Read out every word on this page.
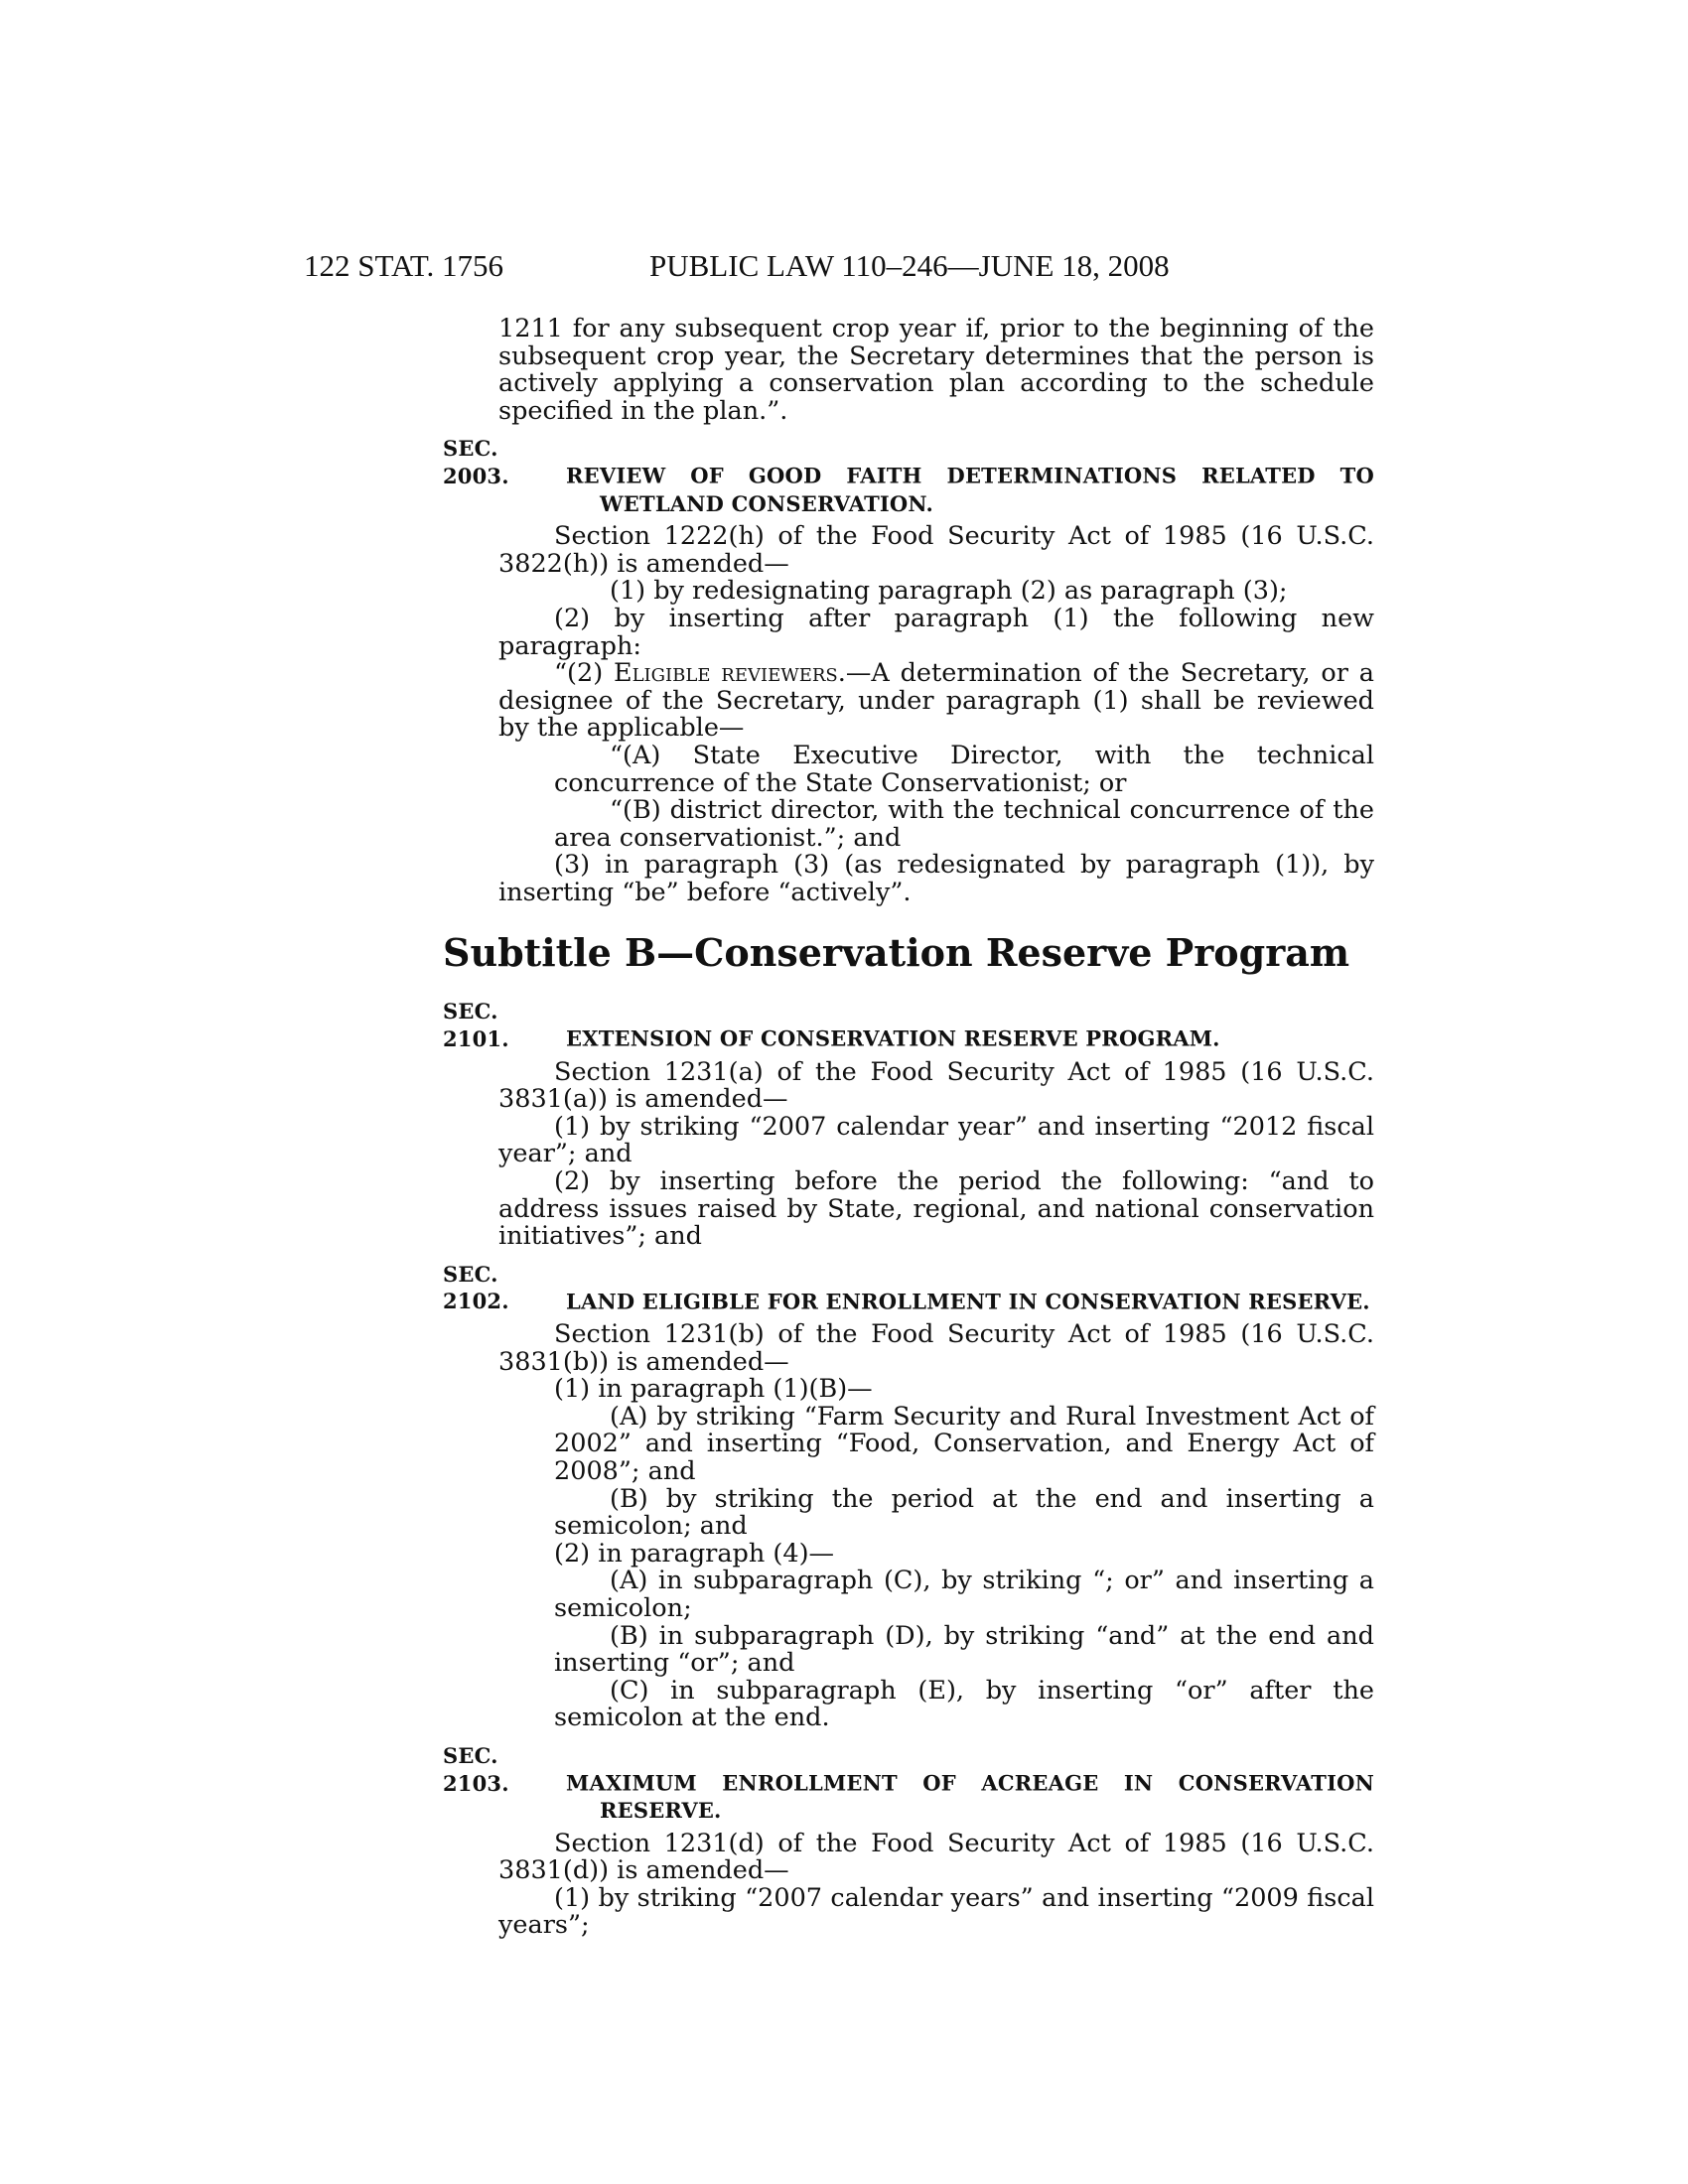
122 STAT. 1756	PUBLIC LAW 110–246—JUNE 18, 2008

1211 for any subsequent crop year if, prior to the beginning of the subsequent crop year, the Secretary determines that the person is actively applying a conservation plan according to the schedule specified in the plan.”.

SEC. 2003.	REVIEW OF GOOD FAITH DETERMINATIONS RELATED TO WETLAND CONSERVATION.

Section 1222(h) of the Food Security Act of 1985 (16 U.S.C. 3822(h)) is amended—

(1) by redesignating paragraph (2) as paragraph (3);

(2) by inserting after paragraph (1) the following new paragraph:

“(2) Eligible reviewers.—A determination of the Secretary, or a designee of the Secretary, under paragraph (1) shall be reviewed by the applicable—

“(A) State Executive Director, with the technical concurrence of the State Conservationist; or

“(B) district director, with the technical concurrence of the area conservationist.”; and

(3) in paragraph (3) (as redesignated by paragraph (1)), by inserting “be” before “actively”.

Subtitle B—Conservation Reserve Program
SEC. 2101.	EXTENSION OF CONSERVATION RESERVE PROGRAM.

Section 1231(a) of the Food Security Act of 1985 (16 U.S.C. 3831(a)) is amended—

(1) by striking “2007 calendar year” and inserting “2012 fiscal year”; and

(2) by inserting before the period the following: “and to address issues raised by State, regional, and national conservation initiatives”; and

SEC. 2102.	LAND ELIGIBLE FOR ENROLLMENT IN CONSERVATION RESERVE.

Section 1231(b) of the Food Security Act of 1985 (16 U.S.C. 3831(b)) is amended—

(1) in paragraph (1)(B)—

(A) by striking “Farm Security and Rural Investment Act of 2002” and inserting “Food, Conservation, and Energy Act of 2008”; and

(B) by striking the period at the end and inserting a semicolon; and

(2) in paragraph (4)—

(A) in subparagraph (C), by striking “; or” and inserting a semicolon;

(B) in subparagraph (D), by striking “and” at the end and inserting “or”; and

(C) in subparagraph (E), by inserting “or” after the semicolon at the end.

SEC. 2103.	MAXIMUM ENROLLMENT OF ACREAGE IN CONSERVATION RESERVE.

Section 1231(d) of the Food Security Act of 1985 (16 U.S.C. 3831(d)) is amended—

(1) by striking “2007 calendar years” and inserting “2009 fiscal years”;
